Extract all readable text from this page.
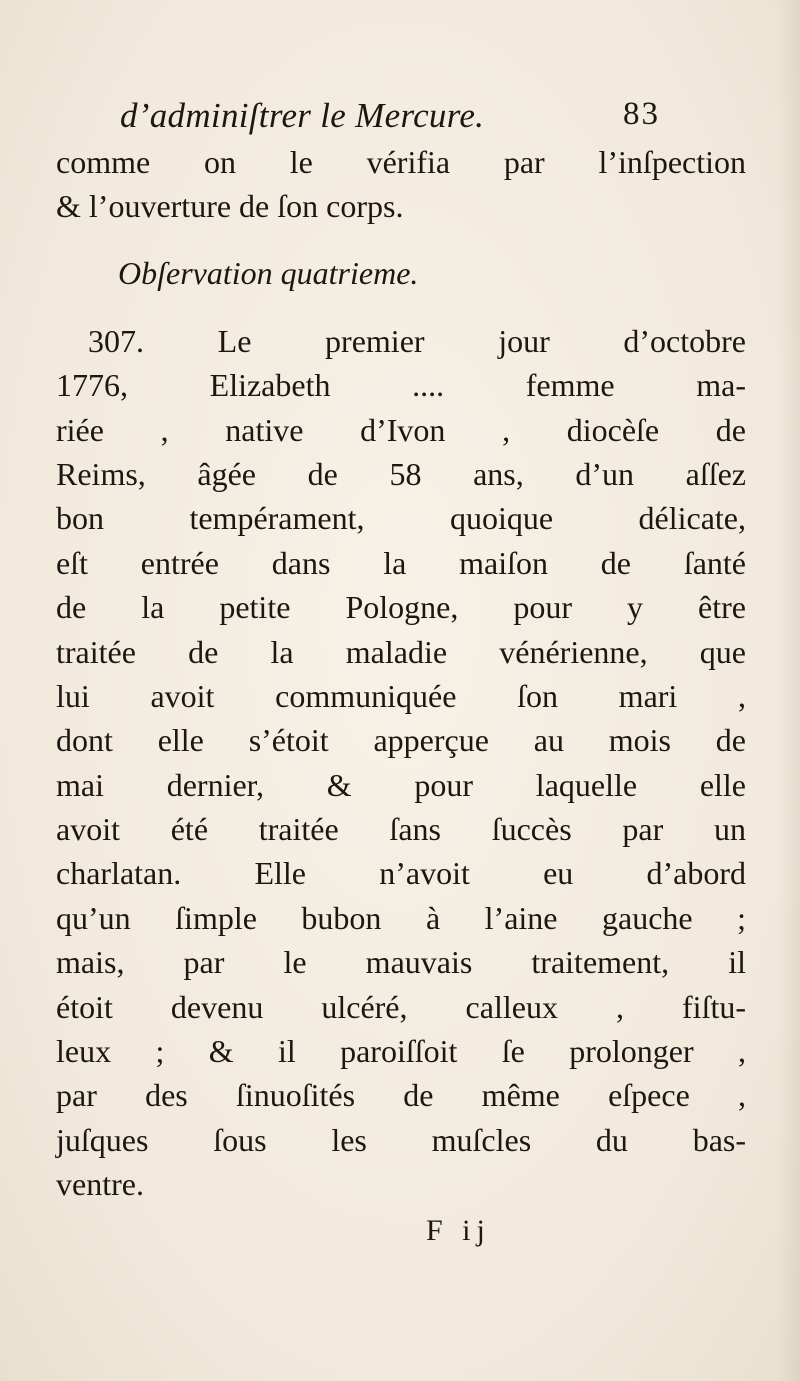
d’adminiſtrer le Mercure.	83
comme on le vérifia par l’inſpection
& l’ouverture de ſon corps.
Obſervation quatrieme.
307. Le premier jour d’octobre
1776, Elizabeth .... femme ma-
riée , native d’Ivon , diocèſe de
Reims, âgée de 58 ans, d’un aſſez
bon tempérament, quoique délicate,
eſt entrée dans la maiſon de ſanté
de la petite Pologne, pour y être
traitée de la maladie vénérienne, que
lui avoit communiquée ſon mari ,
dont elle s’étoit apperçue au mois de
mai dernier, & pour laquelle elle
avoit été traitée ſans ſuccès par un
charlatan. Elle n’avoit eu d’abord
qu’un ſimple bubon à l’aine gauche ;
mais, par le mauvais traitement, il
étoit devenu ulcéré, calleux , fiſtu-
leux ; & il paroiſſoit ſe prolonger ,
par des ſinuoſités de même eſpece ,
juſques ſous les muſcles du bas-
ventre.
F ij
